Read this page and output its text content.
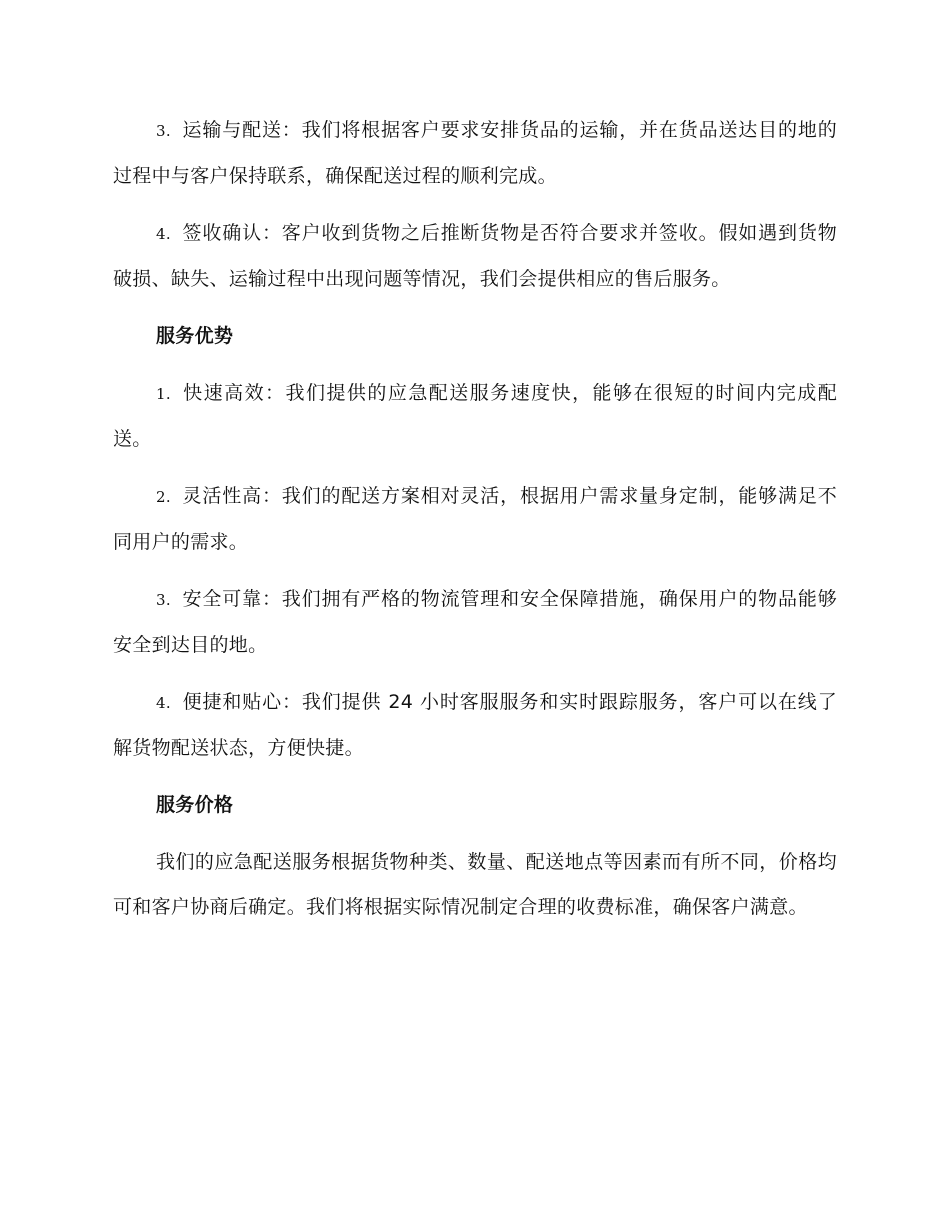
3. 运输与配送：我们将根据客户要求安排货品的运输，并在货品送达目的地的过程中与客户保持联系，确保配送过程的顺利完成。

4. 签收确认：客户收到货物之后推断货物是否符合要求并签收。假如遇到货物破损、缺失、运输过程中出现问题等情况，我们会提供相应的售后服务。

服务优势

1. 快速高效：我们提供的应急配送服务速度快，能够在很短的时间内完成配送。

2. 灵活性高：我们的配送方案相对灵活，根据用户需求量身定制，能够满足不同用户的需求。

3. 安全可靠：我们拥有严格的物流管理和安全保障措施，确保用户的物品能够安全到达目的地。

4. 便捷和贴心：我们提供 24 小时客服服务和实时跟踪服务，客户可以在线了解货物配送状态，方便快捷。

服务价格

我们的应急配送服务根据货物种类、数量、配送地点等因素而有所不同，价格均可和客户协商后确定。我们将根据实际情况制定合理的收费标准，确保客户满意。
